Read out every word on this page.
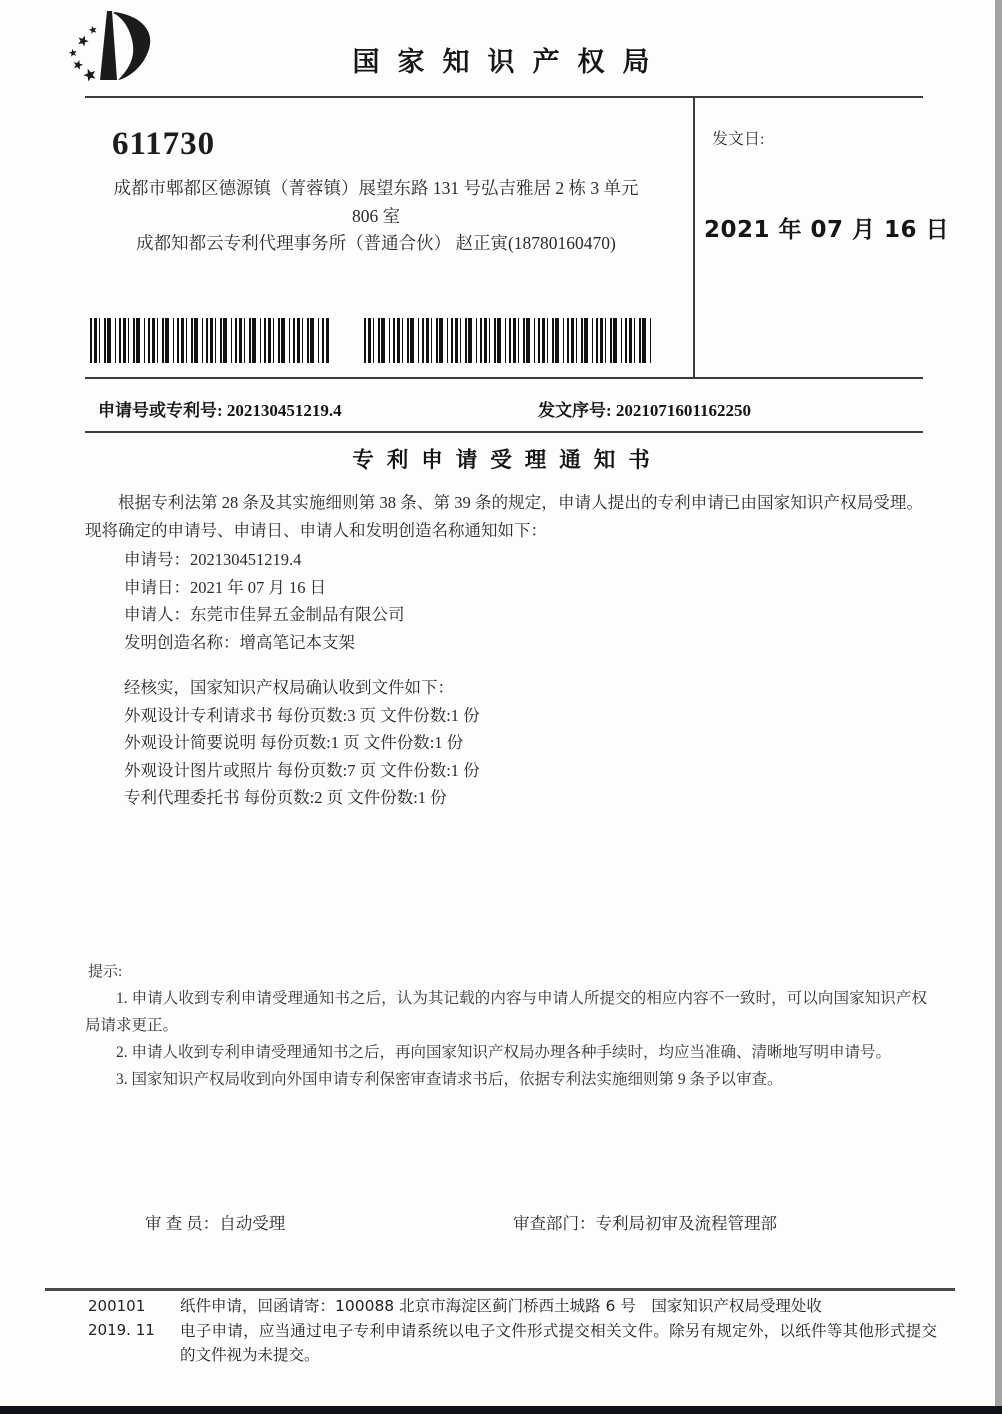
国家知识产权局
611730
成都市郫都区德源镇（菁蓉镇）展望东路 131 号弘吉雅居 2 栋 3 单元
806 室
成都知都云专利代理事务所（普通合伙） 赵正寅(18780160470)
发文日:
2021 年 07 月 16 日
申请号或专利号: 202130451219.4	发文序号: 2021071601162250
专利申请受理通知书
根据专利法第 28 条及其实施细则第 38 条、第 39 条的规定，申请人提出的专利申请已由国家知识产权局受理。现将确定的申请号、申请日、申请人和发明创造名称通知如下：
申请号：202130451219.4
申请日：2021 年 07 月 16 日
申请人：东莞市佳昇五金制品有限公司
发明创造名称：增高笔记本支架
经核实，国家知识产权局确认收到文件如下：
外观设计专利请求书 每份页数:3 页 文件份数:1 份
外观设计简要说明 每份页数:1 页 文件份数:1 份
外观设计图片或照片 每份页数:7 页 文件份数:1 份
专利代理委托书 每份页数:2 页 文件份数:1 份
提示:

1. 申请人收到专利申请受理通知书之后，认为其记载的内容与申请人所提交的相应内容不一致时，可以向国家知识产权局请求更正。

2. 申请人收到专利申请受理通知书之后，再向国家知识产权局办理各种手续时，均应当准确、清晰地写明申请号。

3. 国家知识产权局收到向外国申请专利保密审查请求书后，依据专利法实施细则第 9 条予以审查。

审 查 员：自动受理	审查部门：专利局初审及流程管理部
200101
2019. 11

纸件申请，回函请寄：100088 北京市海淀区蓟门桥西土城路 6 号　国家知识产权局受理处收

电子申请，应当通过电子专利申请系统以电子文件形式提交相关文件。除另有规定外，以纸件等其他形式提交的文件视为未提交。
